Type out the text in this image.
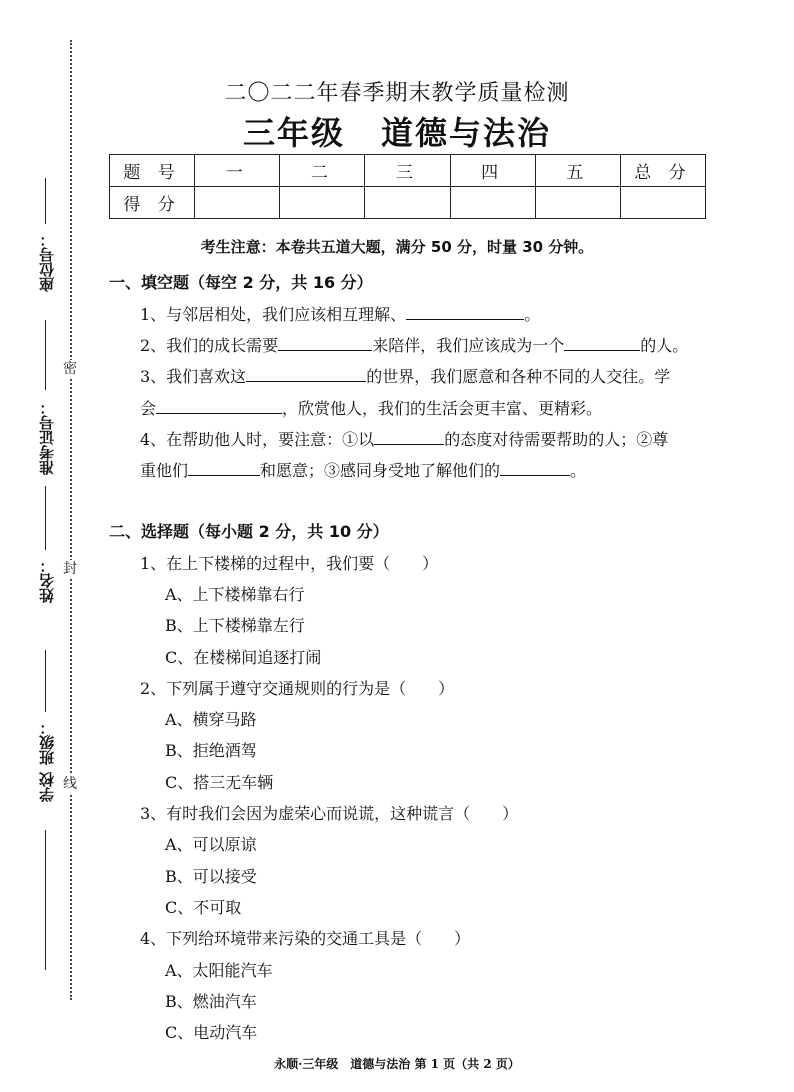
座位号：
准考证号：
姓名：
班级：
学校
密
封
线
二〇二二年春季期末教学质量检测
三年级 道德与法治
题 号	一	二	三	四	五	总 分
得 分						
考生注意：本卷共五道大题，满分 50 分，时量 30 分钟。
一、填空题（每空 2 分，共 16 分）
1、与邻居相处，我们应该相互理解、	。
2、我们的成长需要	来陪伴，我们应该成为一个	的人。
3、我们喜欢这	的世界，我们愿意和各种不同的人交往。学
会	，欣赏他人，我们的生活会更丰富、更精彩。
4、在帮助他人时，要注意：①以	的态度对待需要帮助的人；②尊
重他们	和愿意；③感同身受地了解他们的	。
二、选择题（每小题 2 分，共 10 分）
1、在上下楼梯的过程中，我们要（　　）
A、上下楼梯靠右行
B、上下楼梯靠左行
C、在楼梯间追逐打闹
2、下列属于遵守交通规则的行为是（　　）
A、横穿马路
B、拒绝酒驾
C、搭三无车辆
3、有时我们会因为虚荣心而说谎，这种谎言（　　）
A、可以原谅
B、可以接受
C、不可取
4、下列给环境带来污染的交通工具是（　　）
A、太阳能汽车
B、燃油汽车
C、电动汽车
永顺·三年级　道德与法治 第 1 页（共 2 页）
